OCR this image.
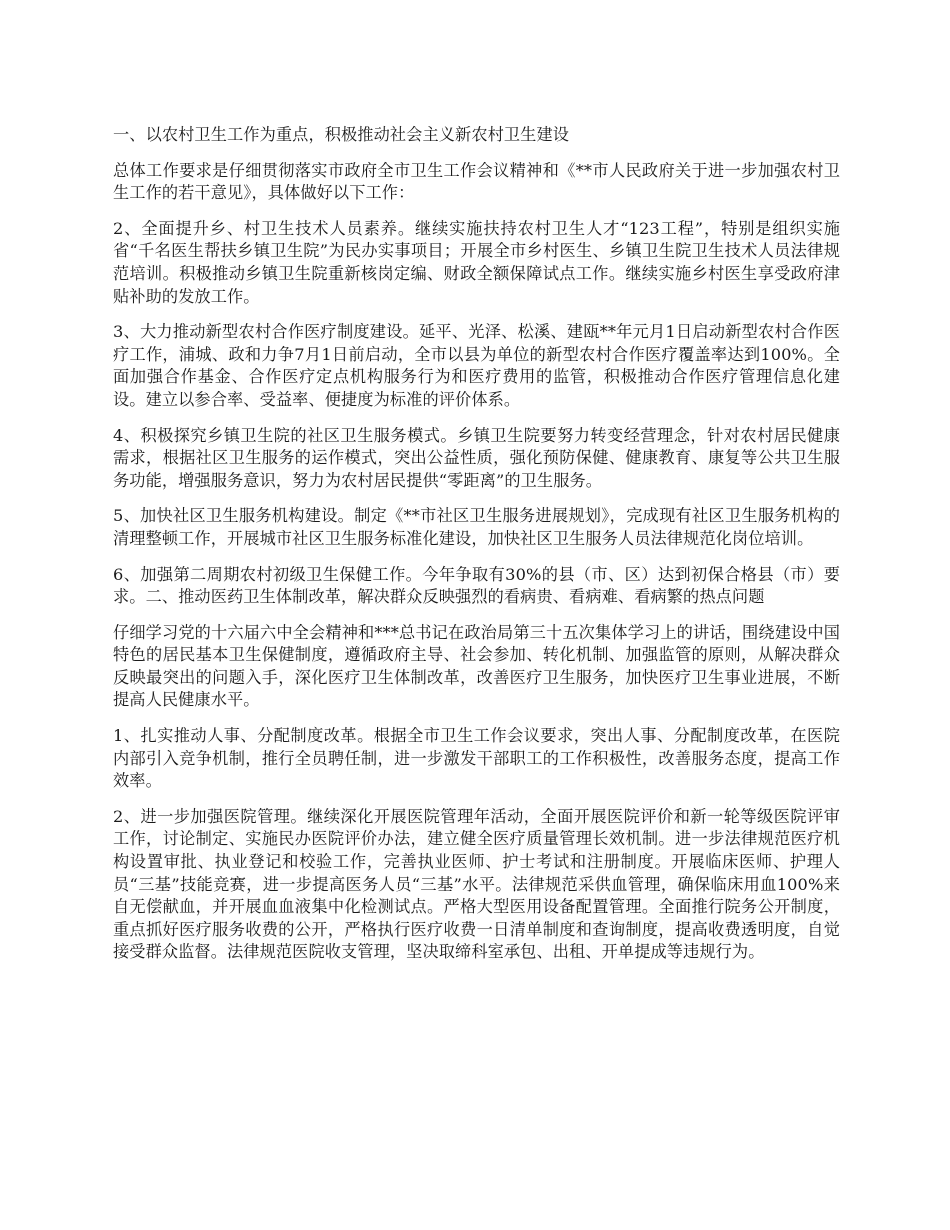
一、以农村卫生工作为重点，积极推动社会主义新农村卫生建设

总体工作要求是仔细贯彻落实市政府全市卫生工作会议精神和《**市人民政府关于进一步加强农村卫生工作的若干意见》，具体做好以下工作：

2、全面提升乡、村卫生技术人员素养。继续实施扶持农村卫生人才“123工程”，特别是组织实施省“千名医生帮扶乡镇卫生院”为民办实事项目；开展全市乡村医生、乡镇卫生院卫生技术人员法律规范培训。积极推动乡镇卫生院重新核岗定编、财政全额保障试点工作。继续实施乡村医生享受政府津贴补助的发放工作。

3、大力推动新型农村合作医疗制度建设。延平、光泽、松溪、建瓯**年元月1日启动新型农村合作医疗工作，浦城、政和力争7月1日前启动，全市以县为单位的新型农村合作医疗覆盖率达到100%。全面加强合作基金、合作医疗定点机构服务行为和医疗费用的监管，积极推动合作医疗管理信息化建设。建立以参合率、受益率、便捷度为标准的评价体系。

4、积极探究乡镇卫生院的社区卫生服务模式。乡镇卫生院要努力转变经营理念，针对农村居民健康需求，根据社区卫生服务的运作模式，突出公益性质，强化预防保健、健康教育、康复等公共卫生服务功能，增强服务意识，努力为农村居民提供“零距离”的卫生服务。

5、加快社区卫生服务机构建设。制定《**市社区卫生服务进展规划》，完成现有社区卫生服务机构的清理整顿工作，开展城市社区卫生服务标准化建设，加快社区卫生服务人员法律规范化岗位培训。

6、加强第二周期农村初级卫生保健工作。今年争取有30%的县（市、区）达到初保合格县（市）要求。二、推动医药卫生体制改革，解决群众反映强烈的看病贵、看病难、看病繁的热点问题

仔细学习党的十六届六中全会精神和***总书记在政治局第三十五次集体学习上的讲话，围绕建设中国特色的居民基本卫生保健制度，遵循政府主导、社会参加、转化机制、加强监管的原则，从解决群众反映最突出的问题入手，深化医疗卫生体制改革，改善医疗卫生服务，加快医疗卫生事业进展，不断提高人民健康水平。

1、扎实推动人事、分配制度改革。根据全市卫生工作会议要求，突出人事、分配制度改革，在医院内部引入竞争机制，推行全员聘任制，进一步激发干部职工的工作积极性，改善服务态度，提高工作效率。

2、进一步加强医院管理。继续深化开展医院管理年活动，全面开展医院评价和新一轮等级医院评审工作，讨论制定、实施民办医院评价办法，建立健全医疗质量管理长效机制。进一步法律规范医疗机构设置审批、执业登记和校验工作，完善执业医师、护士考试和注册制度。开展临床医师、护理人员“三基”技能竞赛，进一步提高医务人员“三基”水平。法律规范采供血管理，确保临床用血100%来自无偿献血，并开展血血液集中化检测试点。严格大型医用设备配置管理。全面推行院务公开制度，重点抓好医疗服务收费的公开，严格执行医疗收费一日清单制度和查询制度，提高收费透明度，自觉接受群众监督。法律规范医院收支管理，坚决取缔科室承包、出租、开单提成等违规行为。
